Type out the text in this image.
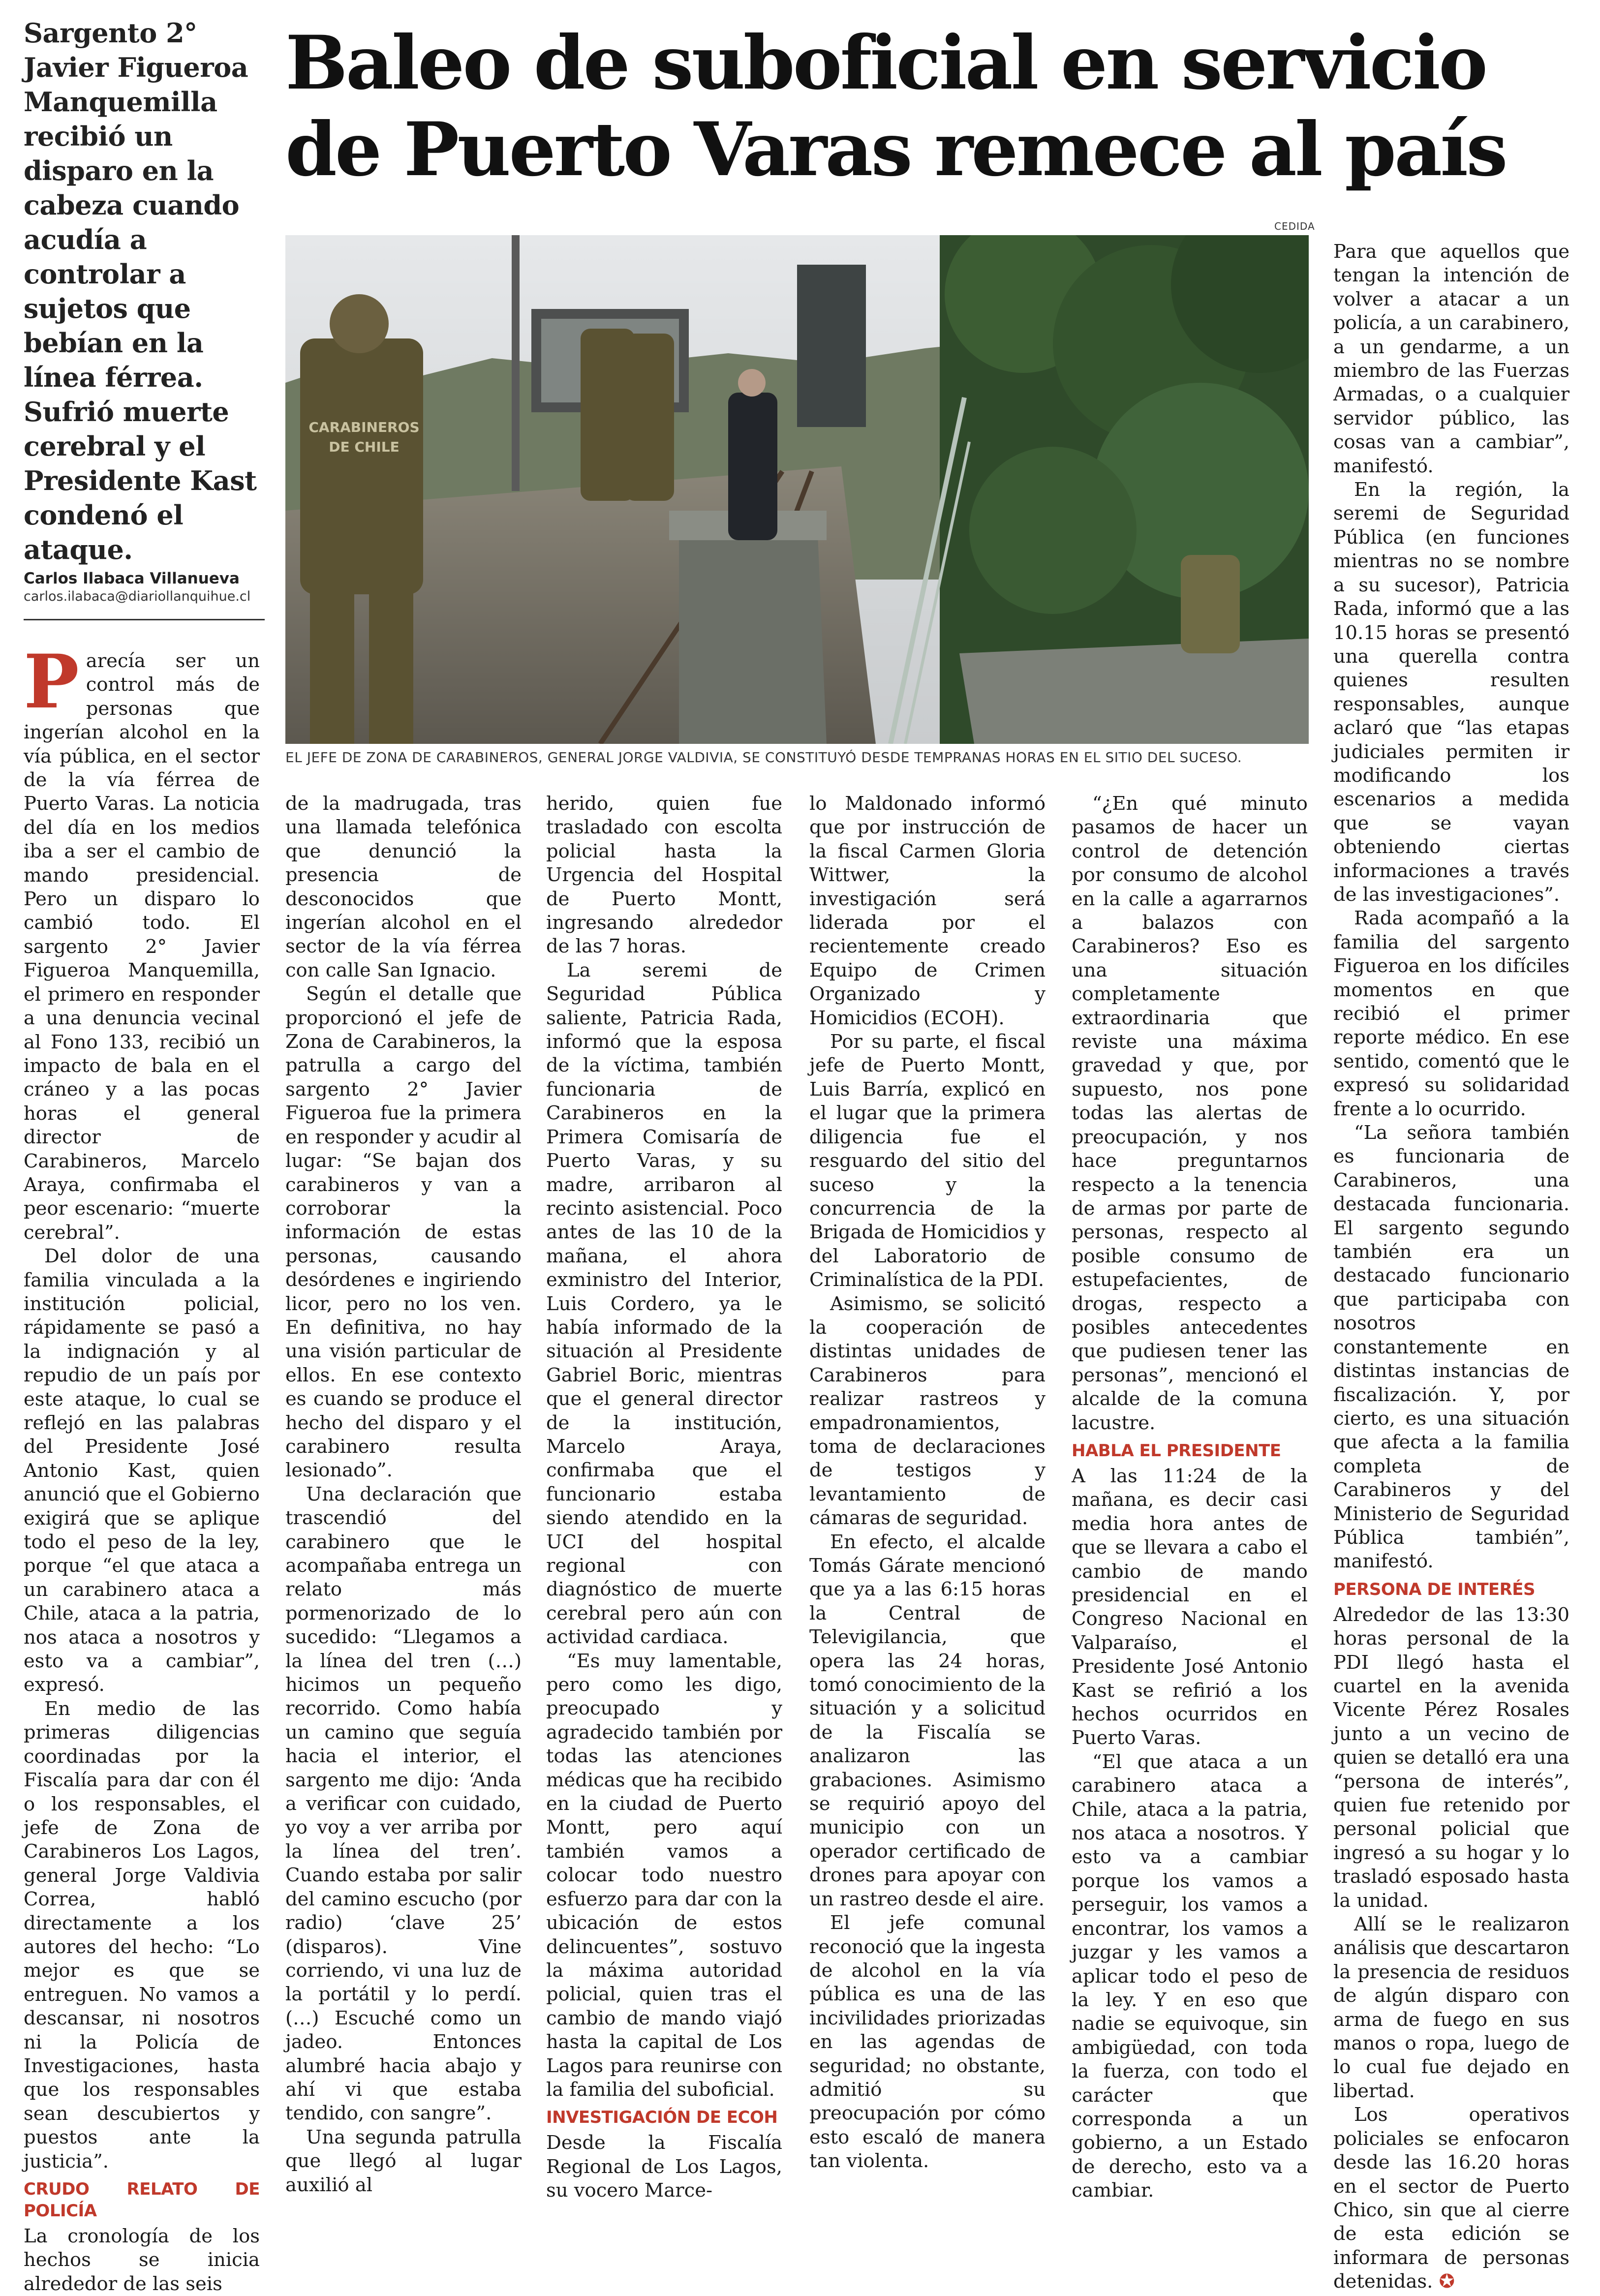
Sargento 2° Javier Figueroa Manquemilla recibió un disparo en la cabeza cuando acudía a controlar a sujetos que bebían en la línea férrea. Sufrió muerte cerebral y el Presidente Kast condenó el ataque.
Baleo de suboficial en servicio de Puerto Varas remece al país
Carlos Ilabaca Villanueva
carlos.ilabaca@diariollanquihue.cl
CEDIDA
CARABINEROS
DE CHILE
EL JEFE DE ZONA DE CARABINEROS, GENERAL JORGE VALDIVIA, SE CONSTITUYÓ DESDE TEMPRANAS HORAS EN EL SITIO DEL SUCESO.

Parecía ser un control más de personas que ingerían alcohol en la vía pública, en el sector de la vía férrea de Puerto Varas. La noticia del día en los medios iba a ser el cambio de mando presidencial. Pero un disparo lo cambió todo. El sargento 2° Javier Figueroa Manquemilla, el primero en responder a una denuncia vecinal al Fono 133, recibió un impacto de bala en el cráneo y a las pocas horas el general director de Carabineros, Marcelo Araya, confirmaba el peor escenario: “muerte cerebral”.

Del dolor de una familia vinculada a la institución policial, rápidamente se pasó a la indignación y al repudio de un país por este ataque, lo cual se reflejó en las palabras del Presidente José Antonio Kast, quien anunció que el Gobierno exigirá que se aplique todo el peso de la ley, porque “el que ataca a un carabinero ataca a Chile, ataca a la patria, nos ataca a nosotros y esto va a cambiar”, expresó.

En medio de las primeras diligencias coordinadas por la Fiscalía para dar con él o los responsables, el jefe de Zona de Carabineros Los Lagos, general Jorge Valdivia Correa, habló directamente a los autores del hecho: “Lo mejor es que se entreguen. No vamos a descansar, ni nosotros ni la Policía de Investigaciones, hasta que los responsables sean descubiertos y puestos ante la justicia”.

CRUDO RELATO DE POLICÍA

La cronología de los hechos se inicia alrededor de las seis

de la madrugada, tras una llamada telefónica que denunció la presencia de desconocidos que ingerían alcohol en el sector de la vía férrea con calle San Ignacio.

Según el detalle que proporcionó el jefe de Zona de Carabineros, la patrulla a cargo del sargento 2° Javier Figueroa fue la primera en responder y acudir al lugar: “Se bajan dos carabineros y van a corroborar la información de estas personas, causando desórdenes e ingiriendo licor, pero no los ven. En definitiva, no hay una visión particular de ellos. En ese contexto es cuando se produce el hecho del disparo y el carabinero resulta lesionado”.

Una declaración que trascendió del carabinero que le acompañaba entrega un relato más pormenorizado de lo sucedido: “Llegamos a la línea del tren (…) hicimos un pequeño recorrido. Como había un camino que seguía hacia el interior, el sargento me dijo: ‘Anda a verificar con cuidado, yo voy a ver arriba por la línea del tren’. Cuando estaba por salir del camino escucho (por radio) ‘clave 25’ (disparos). Vine corriendo, vi una luz de la portátil y lo perdí. (…) Escuché como un jadeo. Entonces alumbré hacia abajo y ahí vi que estaba tendido, con sangre”.

Una segunda patrulla que llegó al lugar auxilió al

herido, quien fue trasladado con escolta policial hasta la Urgencia del Hospital de Puerto Montt, ingresando alrededor de las 7 horas.

La seremi de Seguridad Pública saliente, Patricia Rada, informó que la esposa de la víctima, también funcionaria de Carabineros en la Primera Comisaría de Puerto Varas, y su madre, arribaron al recinto asistencial. Poco antes de las 10 de la mañana, el ahora exministro del Interior, Luis Cordero, ya le había informado de la situación al Presidente Gabriel Boric, mientras que el general director de la institución, Marcelo Araya, confirmaba que el funcionario estaba siendo atendido en la UCI del hospital regional con diagnóstico de muerte cerebral pero aún con actividad cardiaca.

“Es muy lamentable, pero como les digo, preocupado y agradecido también por todas las atenciones médicas que ha recibido en la ciudad de Puerto Montt, pero aquí también vamos a colocar todo nuestro esfuerzo para dar con la ubicación de estos delincuentes”, sostuvo la máxima autoridad policial, quien tras el cambio de mando viajó hasta la capital de Los Lagos para reunirse con la familia del suboficial.

INVESTIGACIÓN DE ECOH

Desde la Fiscalía Regional de Los Lagos, su vocero Marce-

lo Maldonado informó que por instrucción de la fiscal Carmen Gloria Wittwer, la investigación será liderada por el recientemente creado Equipo de Crimen Organizado y Homicidios (ECOH).

Por su parte, el fiscal jefe de Puerto Montt, Luis Barría, explicó en el lugar que la primera diligencia fue el resguardo del sitio del suceso y la concurrencia de la Brigada de Homicidios y del Laboratorio de Criminalística de la PDI.

Asimismo, se solicitó la cooperación de distintas unidades de Carabineros para realizar rastreos y empadronamientos, toma de declaraciones de testigos y levantamiento de cámaras de seguridad.

En efecto, el alcalde Tomás Gárate mencionó que ya a las 6:15 horas la Central de Televigilancia, que opera las 24 horas, tomó conocimiento de la situación y a solicitud de la Fiscalía se analizaron las grabaciones. Asimismo se requirió apoyo del municipio con un operador certificado de drones para apoyar con un rastreo desde el aire.

El jefe comunal reconoció que la ingesta de alcohol en la vía pública es una de las incivilidades priorizadas en las agendas de seguridad; no obstante, admitió su preocupación por cómo esto escaló de manera tan violenta.

“¿En qué minuto pasamos de hacer un control de detención por consumo de alcohol en la calle a agarrarnos a balazos con Carabineros? Eso es una situación completamente extraordinaria que reviste una máxima gravedad y que, por supuesto, nos pone todas las alertas de preocupación, y nos hace preguntarnos respecto a la tenencia de armas por parte de personas, respecto al posible consumo de estupefacientes, de drogas, respecto a posibles antecedentes que pudiesen tener las personas”, mencionó el alcalde de la comuna lacustre.

HABLA EL PRESIDENTE

A las 11:24 de la mañana, es decir casi media hora antes de que se llevara a cabo el cambio de mando presidencial en el Congreso Nacional en Valparaíso, el Presidente José Antonio Kast se refirió a los hechos ocurridos en Puerto Varas.

“El que ataca a un carabinero ataca a Chile, ataca a la patria, nos ataca a nosotros. Y esto va a cambiar porque los vamos a perseguir, los vamos a encontrar, los vamos a juzgar y les vamos a aplicar todo el peso de la ley. Y en eso que nadie se equivoque, sin ambigüedad, con toda la fuerza, con todo el carácter que corresponda a un gobierno, a un Estado de derecho, esto va a cambiar.

Para que aquellos que tengan la intención de volver a atacar a un policía, a un carabinero, a un gendarme, a un miembro de las Fuerzas Armadas, o a cualquier servidor público, las cosas van a cambiar”, manifestó.

En la región, la seremi de Seguridad Pública (en funciones mientras no se nombre a su sucesor), Patricia Rada, informó que a las 10.15 horas se presentó una querella contra quienes resulten responsables, aunque aclaró que “las etapas judiciales permiten ir modificando los escenarios a medida que se vayan obteniendo ciertas informaciones a través de las investigaciones”.

Rada acompañó a la familia del sargento Figueroa en los difíciles momentos en que recibió el primer reporte médico. En ese sentido, comentó que le expresó su solidaridad frente a lo ocurrido.

“La señora también es funcionaria de Carabineros, una destacada funcionaria. El sargento segundo también era un destacado funcionario que participaba con nosotros constantemente en distintas instancias de fiscalización. Y, por cierto, es una situación que afecta a la familia completa de Carabineros y del Ministerio de Seguridad Pública también”, manifestó.

PERSONA DE INTERÉS

Alrededor de las 13:30 horas personal de la PDI llegó hasta el cuartel en la avenida Vicente Pérez Rosales junto a un vecino de quien se detalló era una “persona de interés”, quien fue retenido por personal policial que ingresó a su hogar y lo trasladó esposado hasta la unidad.

Allí se le realizaron análisis que descartaron la presencia de residuos de algún disparo con arma de fuego en sus manos o ropa, luego de lo cual fue dejado en libertad.

Los operativos policiales se enfocaron desde las 16.20 horas en el sector de Puerto Chico, sin que al cierre de esta edición se informara de personas detenidas. ✪
